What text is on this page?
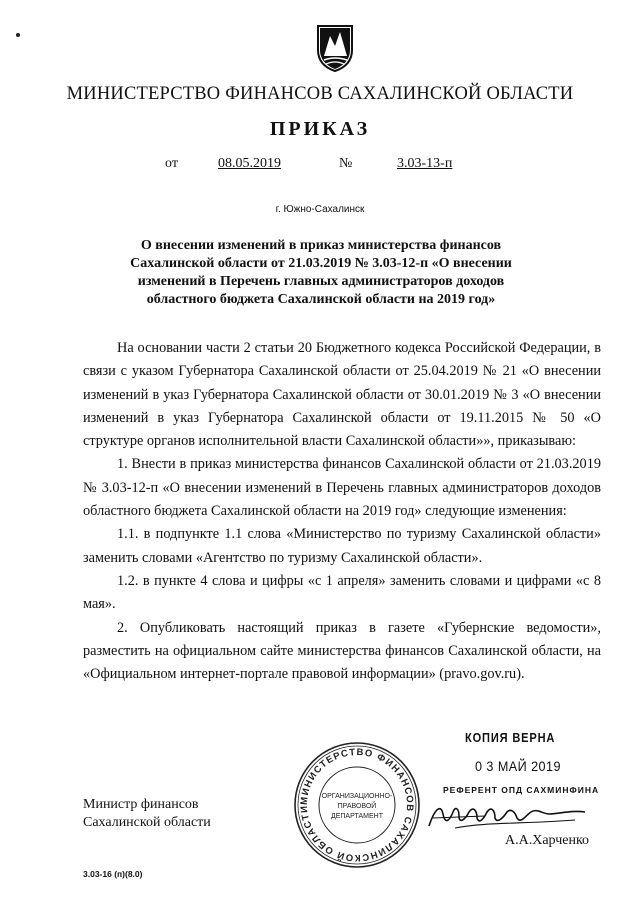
МИНИСТЕРСТВО ФИНАНСОВ САХАЛИНСКОЙ ОБЛАСТИ
ПРИКАЗ
от	08.05.2019	№	3.03-13-п
г. Южно-Сахалинск
О внесении изменений в приказ министерства финансов Сахалинской области от 21.03.2019 № 3.03-12-п «О внесении изменений в Перечень главных администраторов доходов областного бюджета Сахалинской области на 2019 год»

На основании части 2 статьи 20 Бюджетного кодекса Российской Федерации, в связи с указом Губернатора Сахалинской области от 25.04.2019 № 21 «О внесении изменений в указ Губернатора Сахалинской области от 30.01.2019 № 3 «О внесении изменений в указ Губернатора Сахалинской области от 19.11.2015 № 50 «О структуре органов исполнительной власти Сахалинской области»», приказываю:

1. Внести в приказ министерства финансов Сахалинской области от 21.03.2019 № 3.03-12-п «О внесении изменений в Перечень главных администраторов доходов областного бюджета Сахалинской области на 2019 год» следующие изменения:

1.1. в подпункте 1.1 слова «Министерство по туризму Сахалинской области» заменить словами «Агентство по туризму Сахалинской области».

1.2. в пункте 4 слова и цифры «с 1 апреля» заменить словами и цифрами «с 8 мая».

2. Опубликовать настоящий приказ в газете «Губернские ведомости», разместить на официальном сайте министерства финансов Сахалинской области, на «Официальном интернет-портале правовой информации» (pravo.gov.ru).

КОПИЯ ВЕРНА
0 3 МАЙ 2019
РЕФЕРЕНТ ОПД САХМИНФИНА
МИНИСТЕРСТВО ФИНАНСОВ САХАЛИНСКОЙ ОБЛАСТИ
ОРГАНИЗАЦИОННО-
ПРАВОВОЙ
ДЕПАРТАМЕНТ
Министр финансов
Сахалинской области
А.А.Харченко
3.03-16 (п)(8.0)
